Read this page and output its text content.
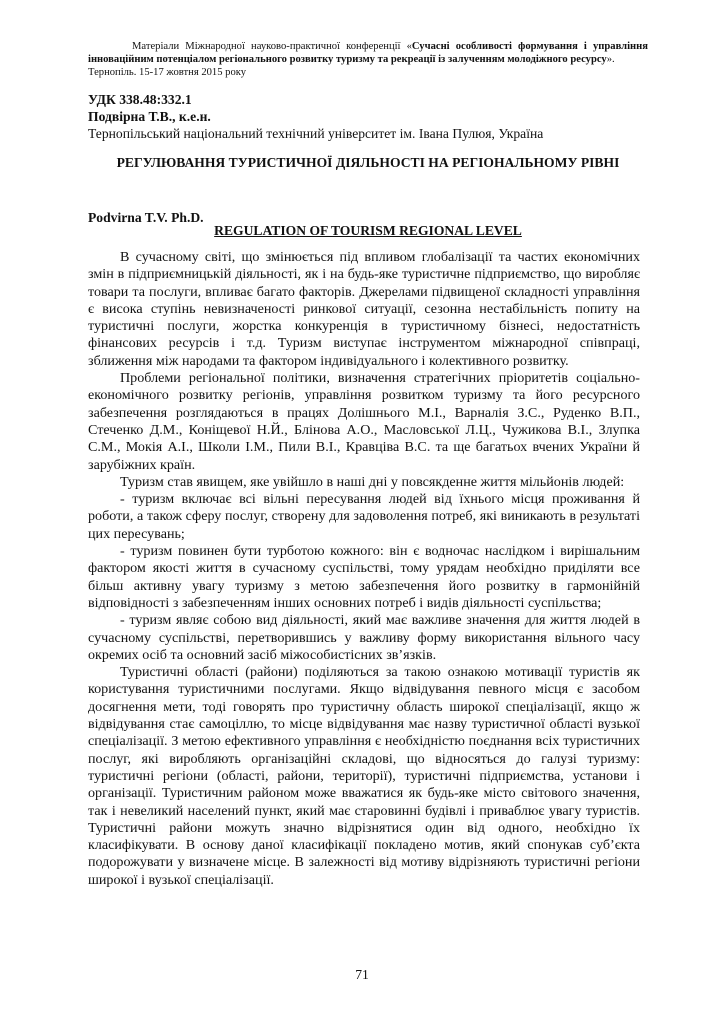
Матеріали Міжнародної науково-практичної конференції «Сучасні особливості формування і управління інноваційним потенціалом регіонального розвитку туризму та рекреації із залученням молодіжного ресурсу».
Тернопіль. 15-17 жовтня 2015 року
УДК 338.48:332.1
Подвірна Т.В., к.е.н.
Тернопільський національний технічний університет ім. Івана Пулюя, Україна
РЕГУЛЮВАННЯ ТУРИСТИЧНОЇ ДІЯЛЬНОСТІ НА РЕГІОНАЛЬНОМУ РІВНІ
Podvirna T.V. Ph.D.
REGULATION OF TOURISM REGIONAL LEVEL

В сучасному світі, що змінюється під впливом глобалізації та частих економічних змін в підприємницькій діяльності, як і на будь-яке туристичне підприємство, що виробляє товари та послуги, впливає багато факторів. Джерелами підвищеної складності управління є висока ступінь невизначеності ринкової ситуації, сезонна нестабільність попиту на туристичні послуги, жорстка конкуренція в туристичному бізнесі, недостатність фінансових ресурсів і т.д. Туризм виступає інструментом міжнародної співпраці, зближення між народами та фактором індивідуального і колективного розвитку.

Проблеми регіональної політики, визначення стратегічних пріоритетів соціально-економічного розвитку регіонів, управління розвитком туризму та його ресурсного забезпечення розглядаються в працях Долішнього М.І., Варналія З.С., Руденко В.П., Стеченко Д.М., Коніщевої Н.Й., Блінова А.О., Масловської Л.Ц., Чужикова В.І., Злупка С.М., Мокія А.І., Школи І.М., Пили В.І., Кравціва В.С. та ще багатьох вчених України й зарубіжних країн.

Туризм став явищем, яке увійшло в наші дні у повсякденне життя мільйонів людей:

- туризм включає всі вільні пересування людей від їхнього місця проживання й роботи, а також сферу послуг, створену для задоволення потреб, які виникають в результаті цих пересувань;

- туризм повинен бути турботою кожного: він є водночас наслідком і вирішальним фактором якості життя в сучасному суспільстві, тому урядам необхідно приділяти все більш активну увагу туризму з метою забезпечення його розвитку в гармонійній відповідності з забезпеченням інших основних потреб і видів діяльності суспільства;

- туризм являє собою вид діяльності, який має важливе значення для життя людей в сучасному суспільстві, перетворившись у важливу форму використання вільного часу окремих осіб та основний засіб міжособистісних зв’язків.

Туристичні області (райони) поділяються за такою ознакою мотивації туристів як користування туристичними послугами. Якщо відвідування певного місця є засобом досягнення мети, тоді говорять про туристичну область широкої спеціалізації, якщо ж відвідування стає самоціллю, то місце відвідування має назву туристичної області вузької спеціалізації. З метою ефективного управління є необхідністю поєднання всіх туристичних послуг, які виробляють організаційні складові, що відносяться до галузі туризму: туристичні регіони (області, райони, території), туристичні підприємства, установи і організації. Туристичним районом може вважатися як будь-яке місто світового значення, так і невеликий населений пункт, який має старовинні будівлі і приваблює увагу туристів. Туристичні райони можуть значно відрізнятися один від одного, необхідно їх класифікувати. В основу даної класифікації покладено мотив, який спонукав суб’єкта подорожувати у визначене місце. В залежності від мотиву відрізняють туристичні регіони широкої і вузької спеціалізації.

71
